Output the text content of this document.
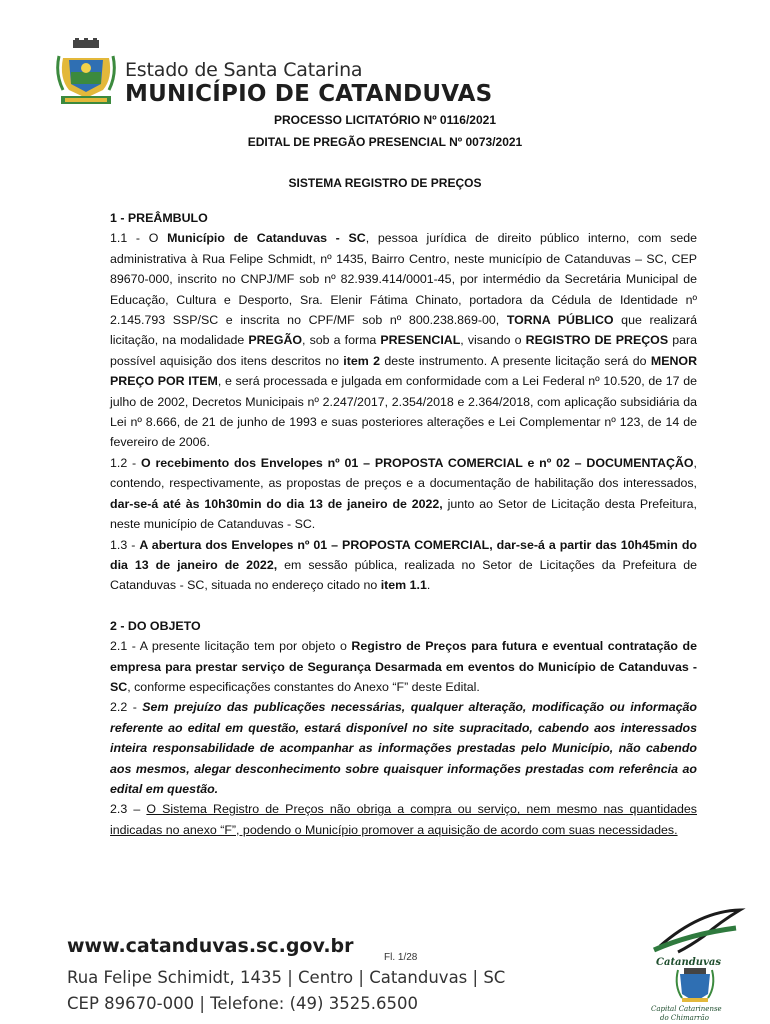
Estado de Santa Catarina
MUNICÍPIO DE CATANDUVAS
PROCESSO LICITATÓRIO Nº 0116/2021
EDITAL DE PREGÃO PRESENCIAL Nº 0073/2021
SISTEMA REGISTRO DE PREÇOS

1 - PREÂMBULO

1.1 - O Município de Catanduvas - SC, pessoa jurídica de direito público interno, com sede administrativa à Rua Felipe Schmidt, nº 1435, Bairro Centro, neste município de Catanduvas – SC, CEP 89670-000, inscrito no CNPJ/MF sob nº 82.939.414/0001-45, por intermédio da Secretária Municipal de Educação, Cultura e Desporto, Sra. Elenir Fátima Chinato, portadora da Cédula de Identidade nº 2.145.793 SSP/SC e inscrita no CPF/MF sob nº 800.238.869-00, TORNA PÚBLICO que realizará licitação, na modalidade PREGÃO, sob a forma PRESENCIAL, visando o REGISTRO DE PREÇOS para possível aquisição dos itens descritos no item 2 deste instrumento. A presente licitação será do MENOR PREÇO POR ITEM, e será processada e julgada em conformidade com a Lei Federal nº 10.520, de 17 de julho de 2002, Decretos Municipais nº 2.247/2017, 2.354/2018 e 2.364/2018, com aplicação subsidiária da Lei nº 8.666, de 21 de junho de 1993 e suas posteriores alterações e Lei Complementar nº 123, de 14 de fevereiro de 2006.

1.2 - O recebimento dos Envelopes nº 01 – PROPOSTA COMERCIAL e nº 02 – DOCUMENTAÇÃO, contendo, respectivamente, as propostas de preços e a documentação de habilitação dos interessados, dar-se-á até às 10h30min do dia 13 de janeiro de 2022, junto ao Setor de Licitação desta Prefeitura, neste município de Catanduvas - SC.

1.3 - A abertura dos Envelopes nº 01 – PROPOSTA COMERCIAL, dar-se-á a partir das 10h45min do dia 13 de janeiro de 2022, em sessão pública, realizada no Setor de Licitações da Prefeitura de Catanduvas - SC, situada no endereço citado no item 1.1.

2 - DO OBJETO

2.1 - A presente licitação tem por objeto o Registro de Preços para futura e eventual contratação de empresa para prestar serviço de Segurança Desarmada em eventos do Município de Catanduvas - SC, conforme especificações constantes do Anexo “F” deste Edital.

2.2 - Sem prejuízo das publicações necessárias, qualquer alteração, modificação ou informação referente ao edital em questão, estará disponível no site supracitado, cabendo aos interessados inteira responsabilidade de acompanhar as informações prestadas pelo Município, não cabendo aos mesmos, alegar desconhecimento sobre quaisquer informações prestadas com referência ao edital em questão.

2.3 – O Sistema Registro de Preços não obriga a compra ou serviço, nem mesmo nas quantidades indicadas no anexo “F”, podendo o Município promover a aquisição de acordo com suas necessidades.

www.catanduvas.sc.gov.br
Fl. 1/28
Rua Felipe Schimidt, 1435 | Centro | Catanduvas | SC
CEP 89670-000 | Telefone: (49) 3525.6500
Catanduvas
Capital Catarinense
do Chimarrão
